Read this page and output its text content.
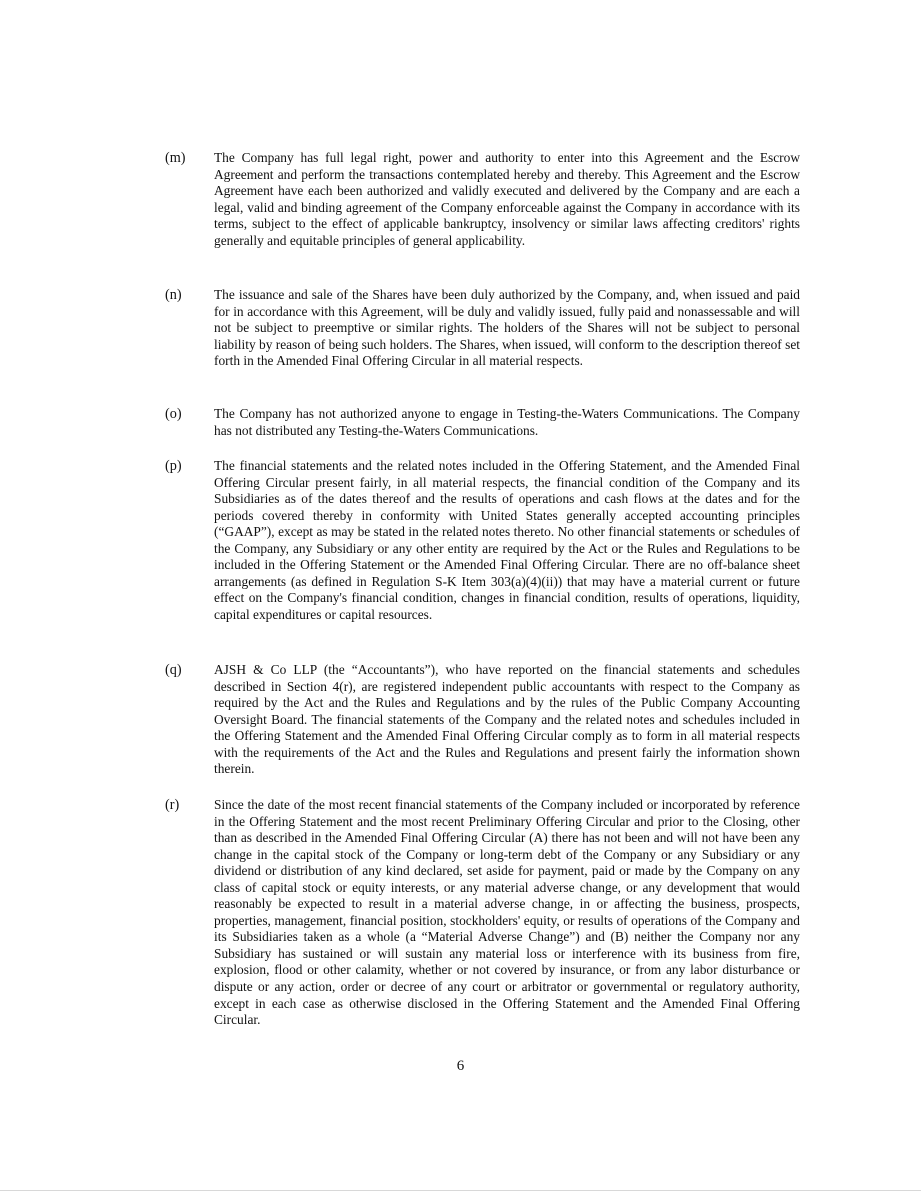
(m) The Company has full legal right, power and authority to enter into this Agreement and the Escrow Agreement and perform the transactions contemplated hereby and thereby. This Agreement and the Escrow Agreement have each been authorized and validly executed and delivered by the Company and are each a legal, valid and binding agreement of the Company enforceable against the Company in accordance with its terms, subject to the effect of applicable bankruptcy, insolvency or similar laws affecting creditors' rights generally and equitable principles of general applicability.

(n) The issuance and sale of the Shares have been duly authorized by the Company, and, when issued and paid for in accordance with this Agreement, will be duly and validly issued, fully paid and nonassessable and will not be subject to preemptive or similar rights. The holders of the Shares will not be subject to personal liability by reason of being such holders. The Shares, when issued, will conform to the description thereof set forth in the Amended Final Offering Circular in all material respects.

(o) The Company has not authorized anyone to engage in Testing-the-Waters Communications. The Company has not distributed any Testing-the-Waters Communications.

(p) The financial statements and the related notes included in the Offering Statement, and the Amended Final Offering Circular present fairly, in all material respects, the financial condition of the Company and its Subsidiaries as of the dates thereof and the results of operations and cash flows at the dates and for the periods covered thereby in conformity with United States generally accepted accounting principles (“GAAP”), except as may be stated in the related notes thereto. No other financial statements or schedules of the Company, any Subsidiary or any other entity are required by the Act or the Rules and Regulations to be included in the Offering Statement or the Amended Final Offering Circular. There are no off-balance sheet arrangements (as defined in Regulation S-K Item 303(a)(4)(ii)) that may have a material current or future effect on the Company's financial condition, changes in financial condition, results of operations, liquidity, capital expenditures or capital resources.

(q) AJSH & Co LLP (the “Accountants”), who have reported on the financial statements and schedules described in Section 4(r), are registered independent public accountants with respect to the Company as required by the Act and the Rules and Regulations and by the rules of the Public Company Accounting Oversight Board. The financial statements of the Company and the related notes and schedules included in the Offering Statement and the Amended Final Offering Circular comply as to form in all material respects with the requirements of the Act and the Rules and Regulations and present fairly the information shown therein.

(r)	Since the date of the most recent financial statements of the Company included or incorporated by reference in the Offering Statement and the most recent Preliminary Offering Circular and prior to the Closing, other than as described in the Amended Final Offering Circular (A) there has not been and will not have been any change in the capital stock of the Company or long-term debt of the Company or any Subsidiary or any dividend or distribution of any kind declared, set aside for payment, paid or made by the Company on any class of capital stock or equity interests, or any material adverse change, or any development that would reasonably be expected to result in a material adverse change, in or affecting the business, prospects, properties, management, financial position, stockholders' equity, or results of operations of the Company and its Subsidiaries taken as a whole (a “Material Adverse Change”) and (B) neither the Company nor any Subsidiary has sustained or will sustain any material loss or interference with its business from fire, explosion, flood or other calamity, whether or not covered by insurance, or from any labor disturbance or dispute or any action, order or decree of any court or arbitrator or governmental or regulatory authority, except in each case as otherwise disclosed in the Offering Statement and the Amended Final Offering Circular.

6
